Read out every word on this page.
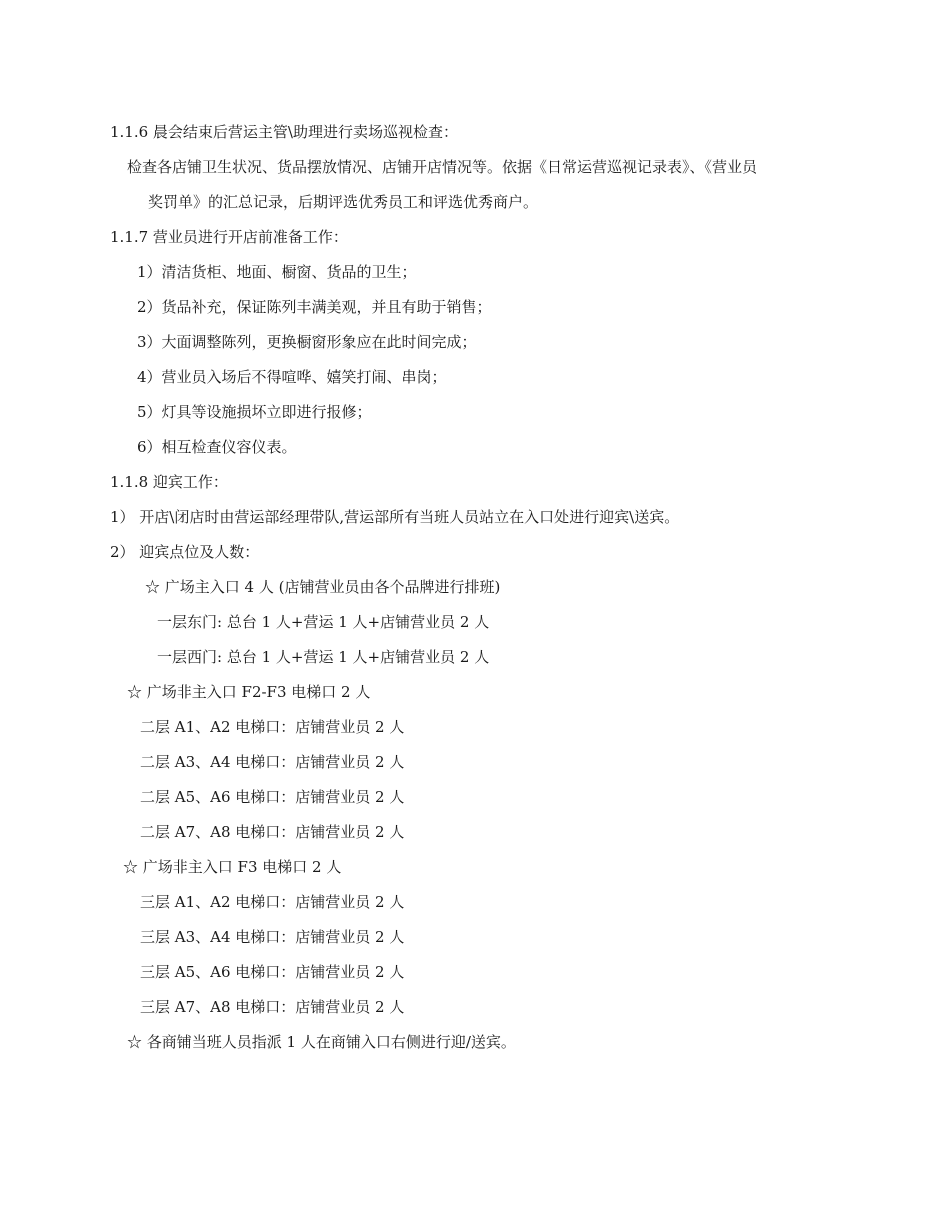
1.1.6 晨会结束后营运主管\助理进行卖场巡视检查：
检查各店铺卫生状况、货品摆放情况、店铺开店情况等。依据《日常运营巡视记录表》、《营业员
奖罚单》的汇总记录，后期评选优秀员工和评选优秀商户。
1.1.7 营业员进行开店前准备工作：
1）清洁货柜、地面、橱窗、货品的卫生；
2）货品补充，保证陈列丰满美观，并且有助于销售；
3）大面调整陈列，更换橱窗形象应在此时间完成；
4）营业员入场后不得喧哗、嬉笑打闹、串岗；
5）灯具等设施损坏立即进行报修；
6）相互检查仪容仪表。
1.1.8 迎宾工作：
1） 开店\闭店时由营运部经理带队,营运部所有当班人员站立在入口处进行迎宾\送宾。
2） 迎宾点位及人数：
☆ 广场主入口 4 人 (店铺营业员由各个品牌进行排班)
一层东门: 总台 1 人+营运 1 人+店铺营业员 2 人
一层西门: 总台 1 人+营运 1 人+店铺营业员 2 人
☆ 广场非主入口 F2-F3 电梯口 2 人
二层 A1、A2 电梯口：店铺营业员 2 人
二层 A3、A4 电梯口：店铺营业员 2 人
二层 A5、A6 电梯口：店铺营业员 2 人
二层 A7、A8 电梯口：店铺营业员 2 人
☆ 广场非主入口 F3 电梯口 2 人
三层 A1、A2 电梯口：店铺营业员 2 人
三层 A3、A4 电梯口：店铺营业员 2 人
三层 A5、A6 电梯口：店铺营业员 2 人
三层 A7、A8 电梯口：店铺营业员 2 人
☆ 各商铺当班人员指派 1 人在商铺入口右侧进行迎/送宾。
